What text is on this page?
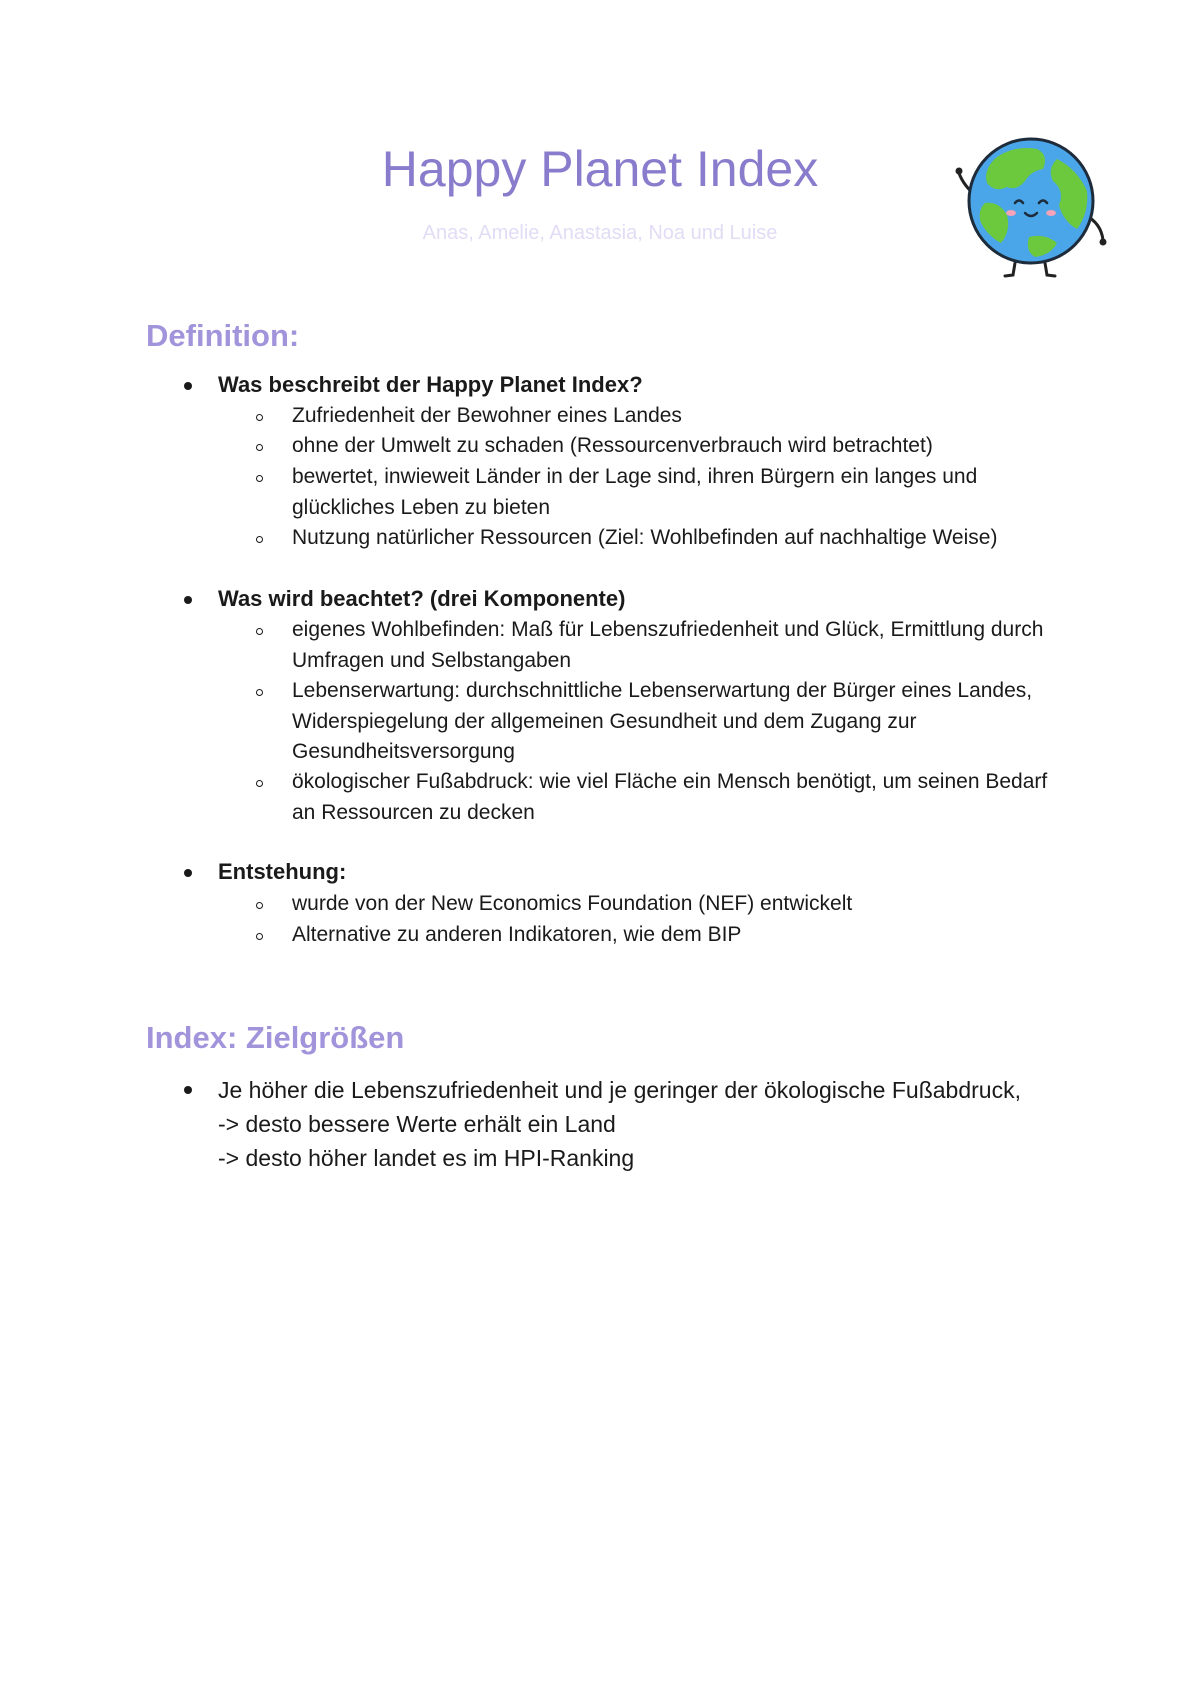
Happy Planet Index
Anas, Amelie, Anastasia, Noa und Luise
Definition:
Was beschreibt der Happy Planet Index?
Zufriedenheit der Bewohner eines Landes
ohne der Umwelt zu schaden (Ressourcenverbrauch wird betrachtet)
bewertet, inwieweit Länder in der Lage sind, ihren Bürgern ein langes und glückliches Leben zu bieten
Nutzung natürlicher Ressourcen (Ziel: Wohlbefinden auf nachhaltige Weise)
Was wird beachtet? (drei Komponente)
eigenes Wohlbefinden: Maß für Lebenszufriedenheit und Glück, Ermittlung durch Umfragen und Selbstangaben
Lebenserwartung: durchschnittliche Lebenserwartung der Bürger eines Landes, Widerspiegelung der allgemeinen Gesundheit und dem Zugang zur Gesundheitsversorgung
ökologischer Fußabdruck: wie viel Fläche ein Mensch benötigt, um seinen Bedarf an Ressourcen zu decken
Entstehung:
wurde von der New Economics Foundation (NEF) entwickelt
Alternative zu anderen Indikatoren, wie dem BIP
Index: Zielgrößen
Je höher die Lebenszufriedenheit und je geringer der ökologische Fußabdruck,
-> desto bessere Werte erhält ein Land
-> desto höher landet es im HPI-Ranking
